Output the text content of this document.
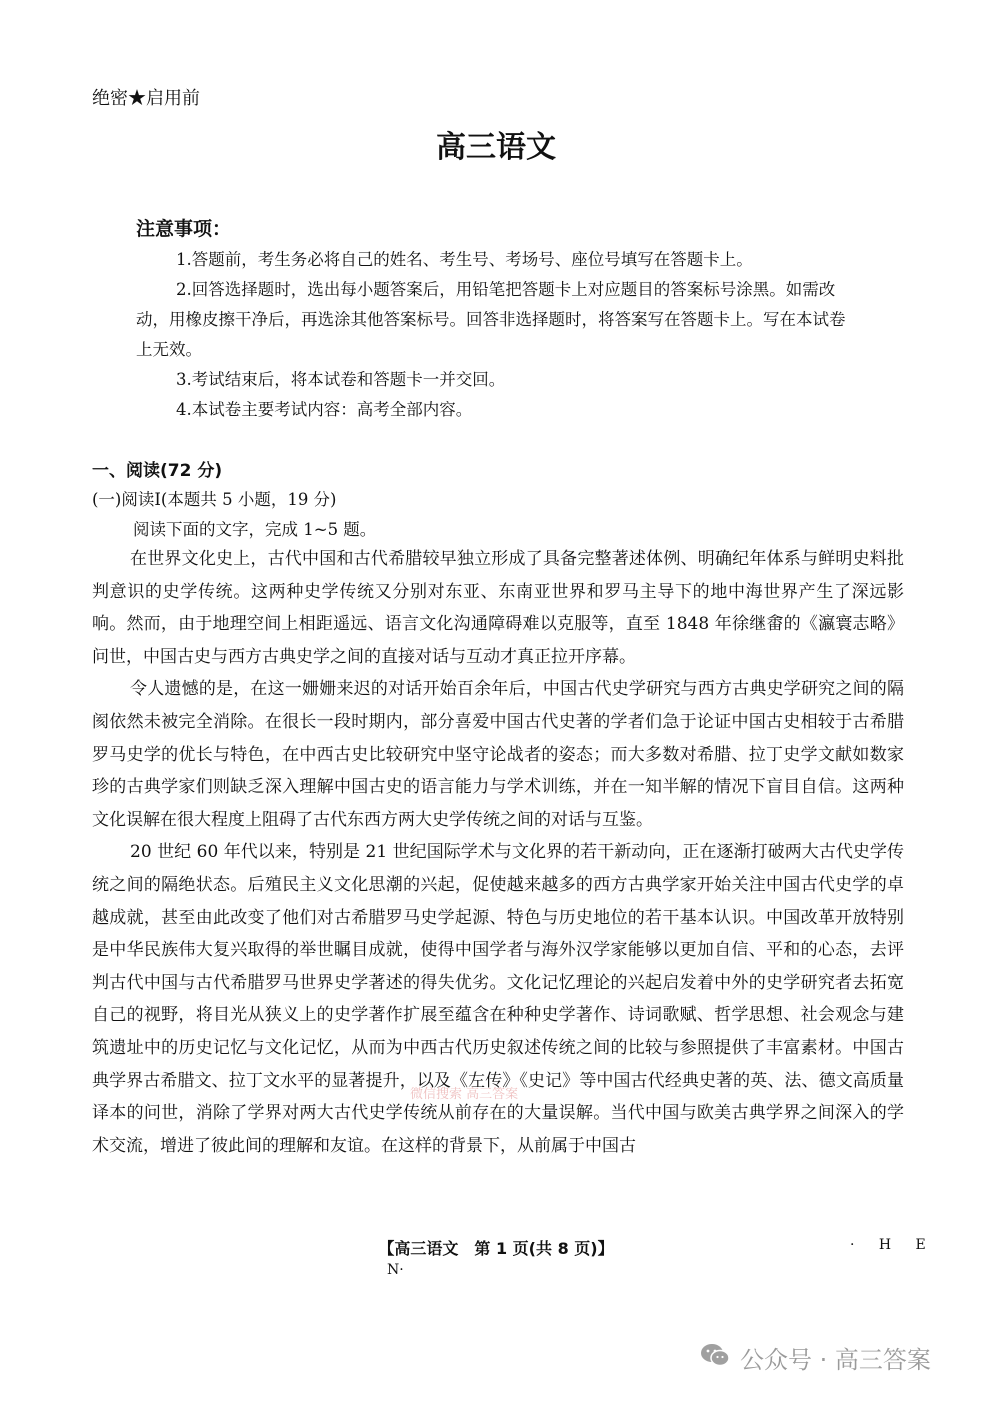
绝密★启用前
高三语文
注意事项：

1.答题前，考生务必将自己的姓名、考生号、考场号、座位号填写在答题卡上。

2.回答选择题时，选出每小题答案后，用铅笔把答题卡上对应题目的答案标号涂黑。如需改动，用橡皮擦干净后，再选涂其他答案标号。回答非选择题时，将答案写在答题卡上。写在本试卷上无效。

3.考试结束后，将本试卷和答题卡一并交回。

4.本试卷主要考试内容：高考全部内容。

一、阅读(72 分)
(一)阅读Ⅰ(本题共 5 小题，19 分)
阅读下面的文字，完成 1~5 题。

在世界文化史上，古代中国和古代希腊较早独立形成了具备完整著述体例、明确纪年体系与鲜明史料批判意识的史学传统。这两种史学传统又分别对东亚、东南亚世界和罗马主导下的地中海世界产生了深远影响。然而，由于地理空间上相距遥远、语言文化沟通障碍难以克服等，直至 1848 年徐继畬的《瀛寰志略》问世，中国古史与西方古典史学之间的直接对话与互动才真正拉开序幕。

令人遗憾的是，在这一姗姗来迟的对话开始百余年后，中国古代史学研究与西方古典史学研究之间的隔阂依然未被完全消除。在很长一段时期内，部分喜爱中国古代史著的学者们急于论证中国古史相较于古希腊罗马史学的优长与特色，在中西古史比较研究中坚守论战者的姿态；而大多数对希腊、拉丁史学文献如数家珍的古典学家们则缺乏深入理解中国古史的语言能力与学术训练，并在一知半解的情况下盲目自信。这两种文化误解在很大程度上阻碍了古代东西方两大史学传统之间的对话与互鉴。

20 世纪 60 年代以来，特别是 21 世纪国际学术与文化界的若干新动向，正在逐渐打破两大古代史学传统之间的隔绝状态。后殖民主义文化思潮的兴起，促使越来越多的西方古典学家开始关注中国古代史学的卓越成就，甚至由此改变了他们对古希腊罗马史学起源、特色与历史地位的若干基本认识。中国改革开放特别是中华民族伟大复兴取得的举世瞩目成就，使得中国学者与海外汉学家能够以更加自信、平和的心态，去评判古代中国与古代希腊罗马世界史学著述的得失优劣。文化记忆理论的兴起启发着中外的史学研究者去拓宽自己的视野，将目光从狭义上的史学著作扩展至蕴含在种种史学著作、诗词歌赋、哲学思想、社会观念与建筑遗址中的历史记忆与文化记忆，从而为中西古代历史叙述传统之间的比较与参照提供了丰富素材。中国古典学界古希腊文、拉丁文水平的显著提升，以及《左传》《史记》等中国古代经典史著的英、法、德文高质量译本的问世，消除了学界对两大古代史学传统从前存在的大量误解。当代中国与欧美古典学界之间深入的学术交流，增进了彼此间的理解和友谊。在这样的背景下，从前属于中国古

微信搜索 高三答案
【高三语文　第 1 页(共 8 页)】	· H E
N·
公众号 · 高三答案
